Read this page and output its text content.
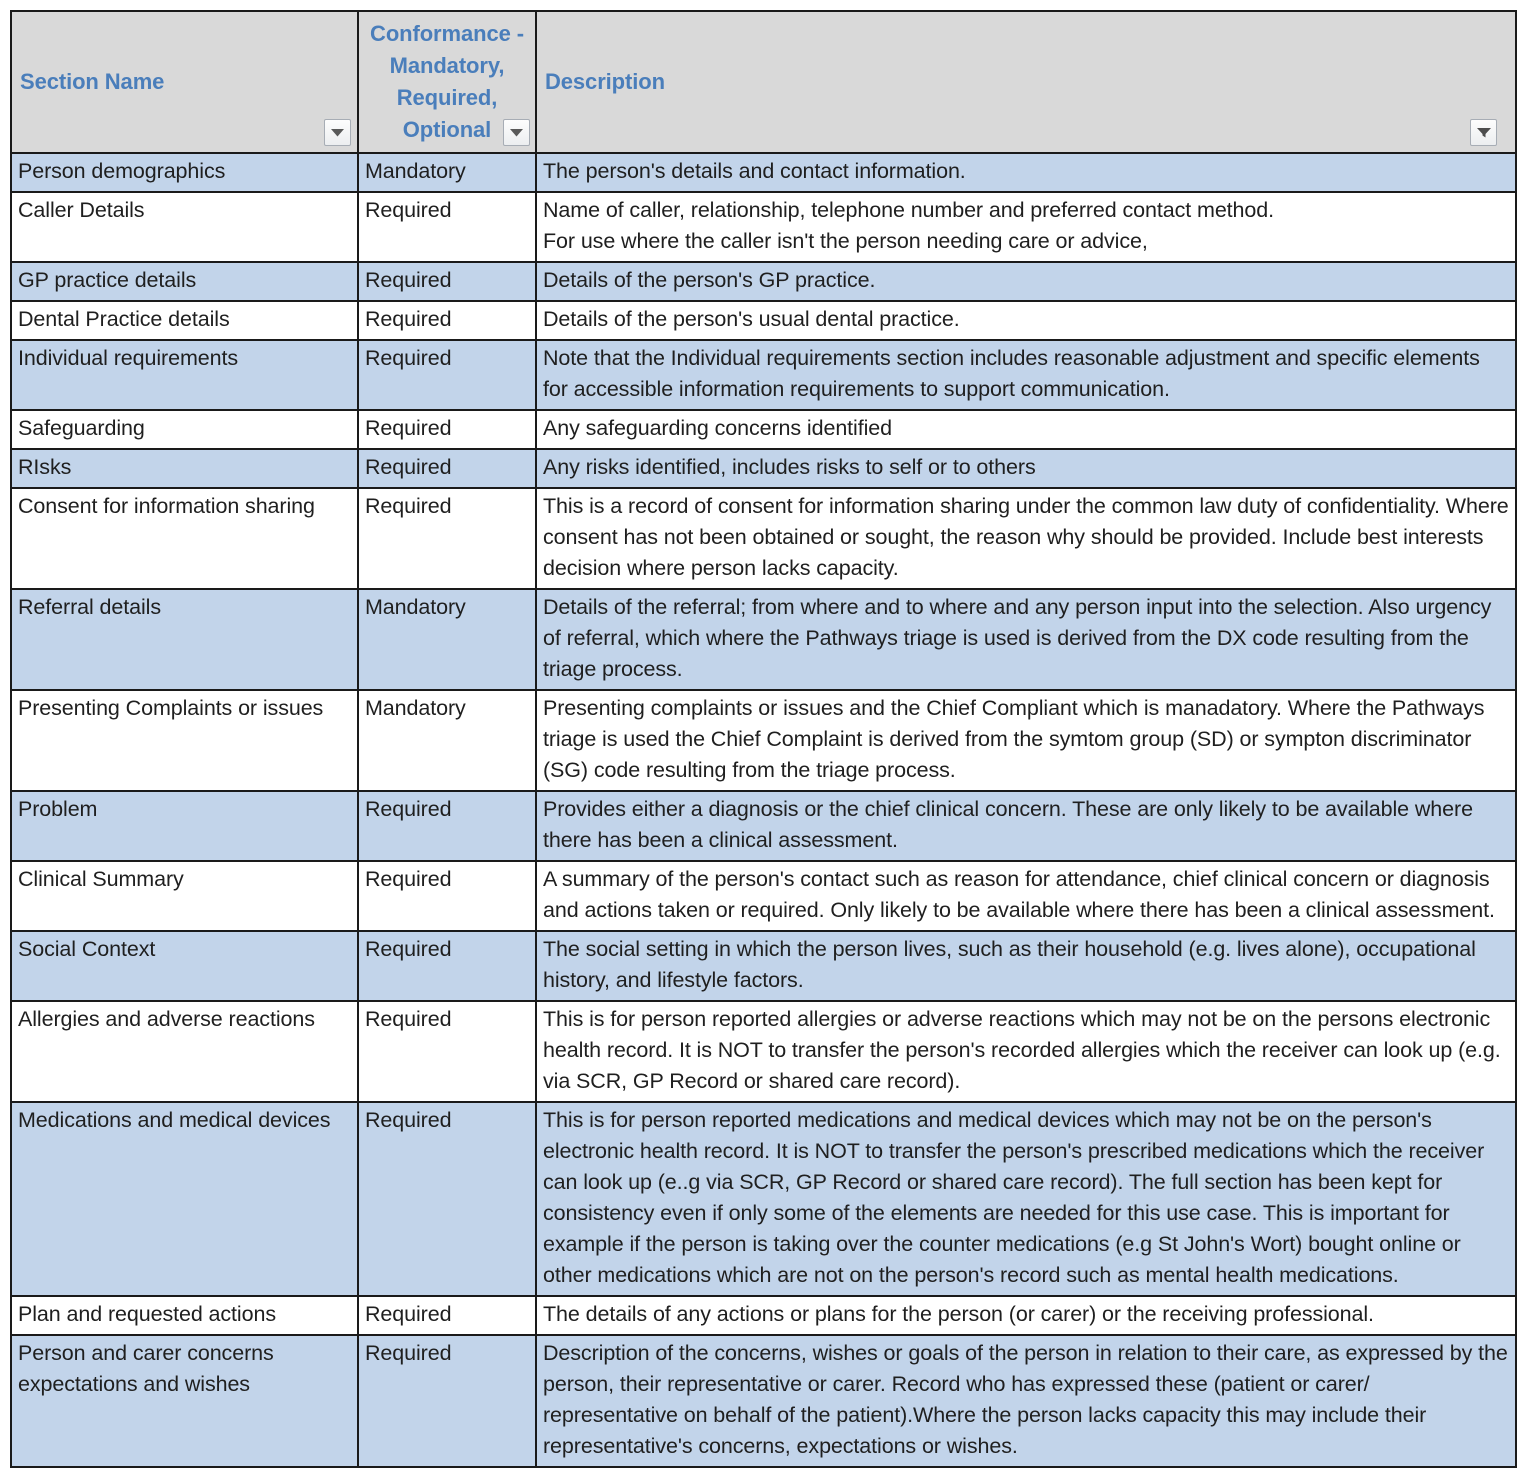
Section Name	Conformance - Mandatory, Required, Optional	Description

Person demographics	Mandatory	The person's details and contact information.

Caller Details	Required	Name of caller, relationship, telephone number and preferred contact method.
For use where the caller isn't the person needing care or advice,

GP practice details	Required	Details of the person's GP practice.

Dental Practice details	Required	Details of the person's usual dental practice.

Individual requirements	Required	Note that the Individual requirements section includes reasonable adjustment and specific elements for accessible information requirements to support communication.

Safeguarding	Required	Any safeguarding concerns identified

RIsks	Required	Any risks identified, includes risks to self or to others

Consent for information sharing	Required	This is a record of consent for information sharing under the common law duty of confidentiality. Where consent has not been obtained or sought, the reason why should be provided. Include best interests decision where person lacks capacity.

Referral details	Mandatory	Details of the referral; from where and to where and any person input into the selection. Also urgency of referral, which where the Pathways triage is used is derived from the DX code resulting from the triage process.

Presenting Complaints or issues	Mandatory	Presenting complaints or issues and the Chief Compliant which is manadatory. Where the Pathways triage is used the Chief Complaint is derived from the symtom group (SD) or sympton discriminator (SG) code resulting from the triage process.

Problem	Required	Provides either a diagnosis or the chief clinical concern. These are only likely to be available where there has been a clinical assessment.

Clinical Summary	Required	A summary of the person's contact such as reason for attendance, chief clinical concern or diagnosis and actions taken or required. Only likely to be available where there has been a clinical assessment.

Social Context	Required	The social setting in which the person lives, such as their household (e.g. lives alone), occupational history, and lifestyle factors.

Allergies and adverse reactions	Required	This is for person reported allergies or adverse reactions which may not be on the persons electronic health record. It is NOT to transfer the person's recorded allergies which the receiver can look up (e.g. via SCR, GP Record or shared care record).

Medications and medical devices	Required	This is for person reported medications and medical devices which may not be on the person's electronic health record. It is NOT to transfer the person's prescribed medications which the receiver can look up (e..g via SCR, GP Record or shared care record). The full section has been kept for consistency even if only some of the elements are needed for this use case. This is important for example if the person is taking over the counter medications (e.g St John's Wort) bought online or other medications which are not on the person's record such as mental health medications.

Plan and requested actions	Required	The details of any actions or plans for the person (or carer) or the receiving professional.

Person and carer concerns expectations and wishes	Required	Description of the concerns, wishes or goals of the person in relation to their care, as expressed by the person, their representative or carer. Record who has expressed these (patient or carer/ representative on behalf of the patient).Where the person lacks capacity this may include their representative's concerns, expectations or wishes.
